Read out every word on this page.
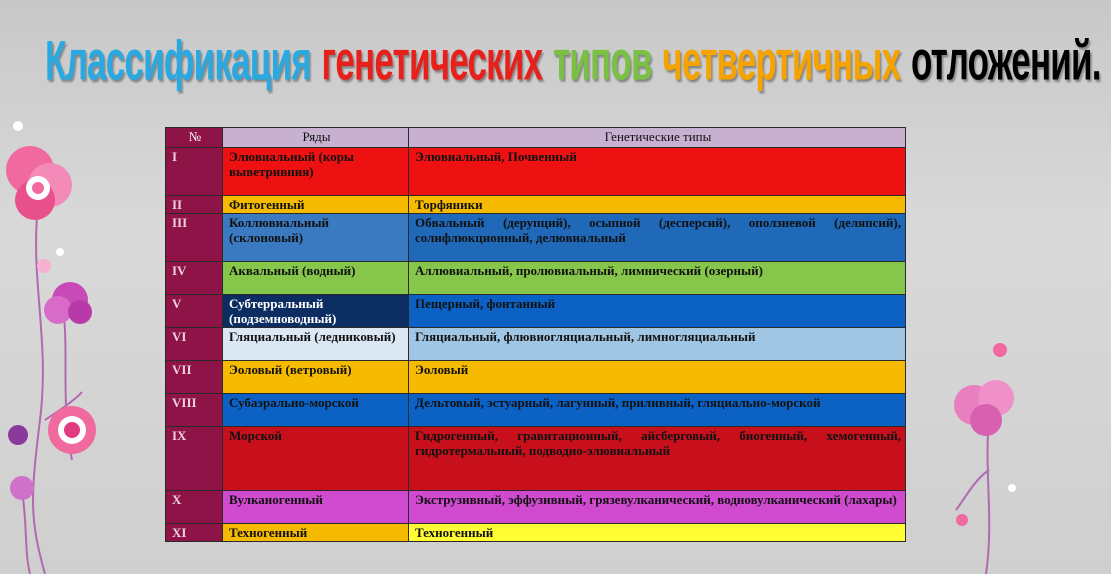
Классификация генетических типов четвертичных отложений.
№	Ряды	Генетические типы
I	Элювиальный (коры выветривния)	Элювиальный, Почвенный
II	Фитогенный	Торфяники
III	Коллювиальный (склоновый)	Обвальный (дерупций), осыпной (десперсий), оползневой (деляпсий), солифлюкционный, делювиальный
IV	Аквальный (водный)	Аллювиальный, пролювиальный, лимнический (озерный)
V	Субтерральный (подземноводный)	Пещерный, фонтанный
VI	Гляциальный (ледниковый)	Гляциальный, флювиогляциальный, лимногляциальный
VII	Эоловый (ветровый)	Эоловый
VIII	Субаэрально-морской	Дельтовый, эстуарный, лагунный, приливный, гляциально-морской
IX	Морской	Гидрогенный, гравитационный, айсберговый, биогенный, хемогенный, гидротермальный, подводно-элювиальный
X	Вулканогенный	Экструзивный, эффузивный, грязевулканический, водновулканический (лахары)
XI	Техногенный	Техногенный
